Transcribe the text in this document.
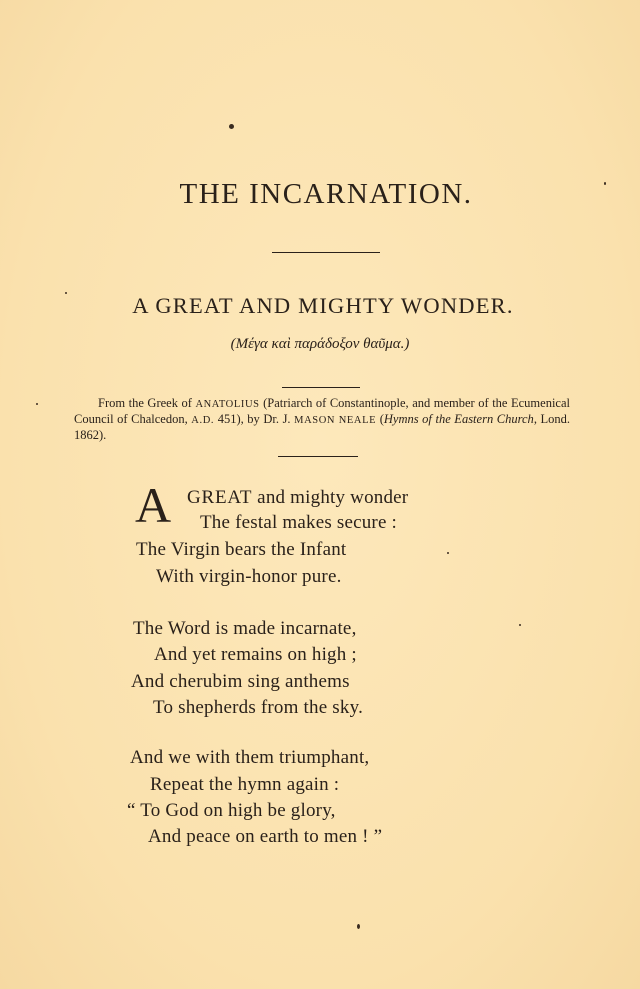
THE INCARNATION.
A GREAT AND MIGHTY WONDER.
(Μέγα καὶ παράδοξον θαῦμα.)

From the Greek of ANATOLIUS (Patriarch of Constantinople, and member of the Ecumenical Council of Chalcedon, A.D. 451), by Dr. J. MASON NEALE (Hymns of the Eastern Church, Lond. 1862).

A GREAT and mighty wonder
The festal makes secure :
The Virgin bears the Infant
With virgin-honor pure.
The Word is made incarnate,
And yet remains on high ;
And cherubim sing anthems
To shepherds from the sky.
And we with them triumphant,
Repeat the hymn again :
“ To God on high be glory,
And peace on earth to men ! ”
